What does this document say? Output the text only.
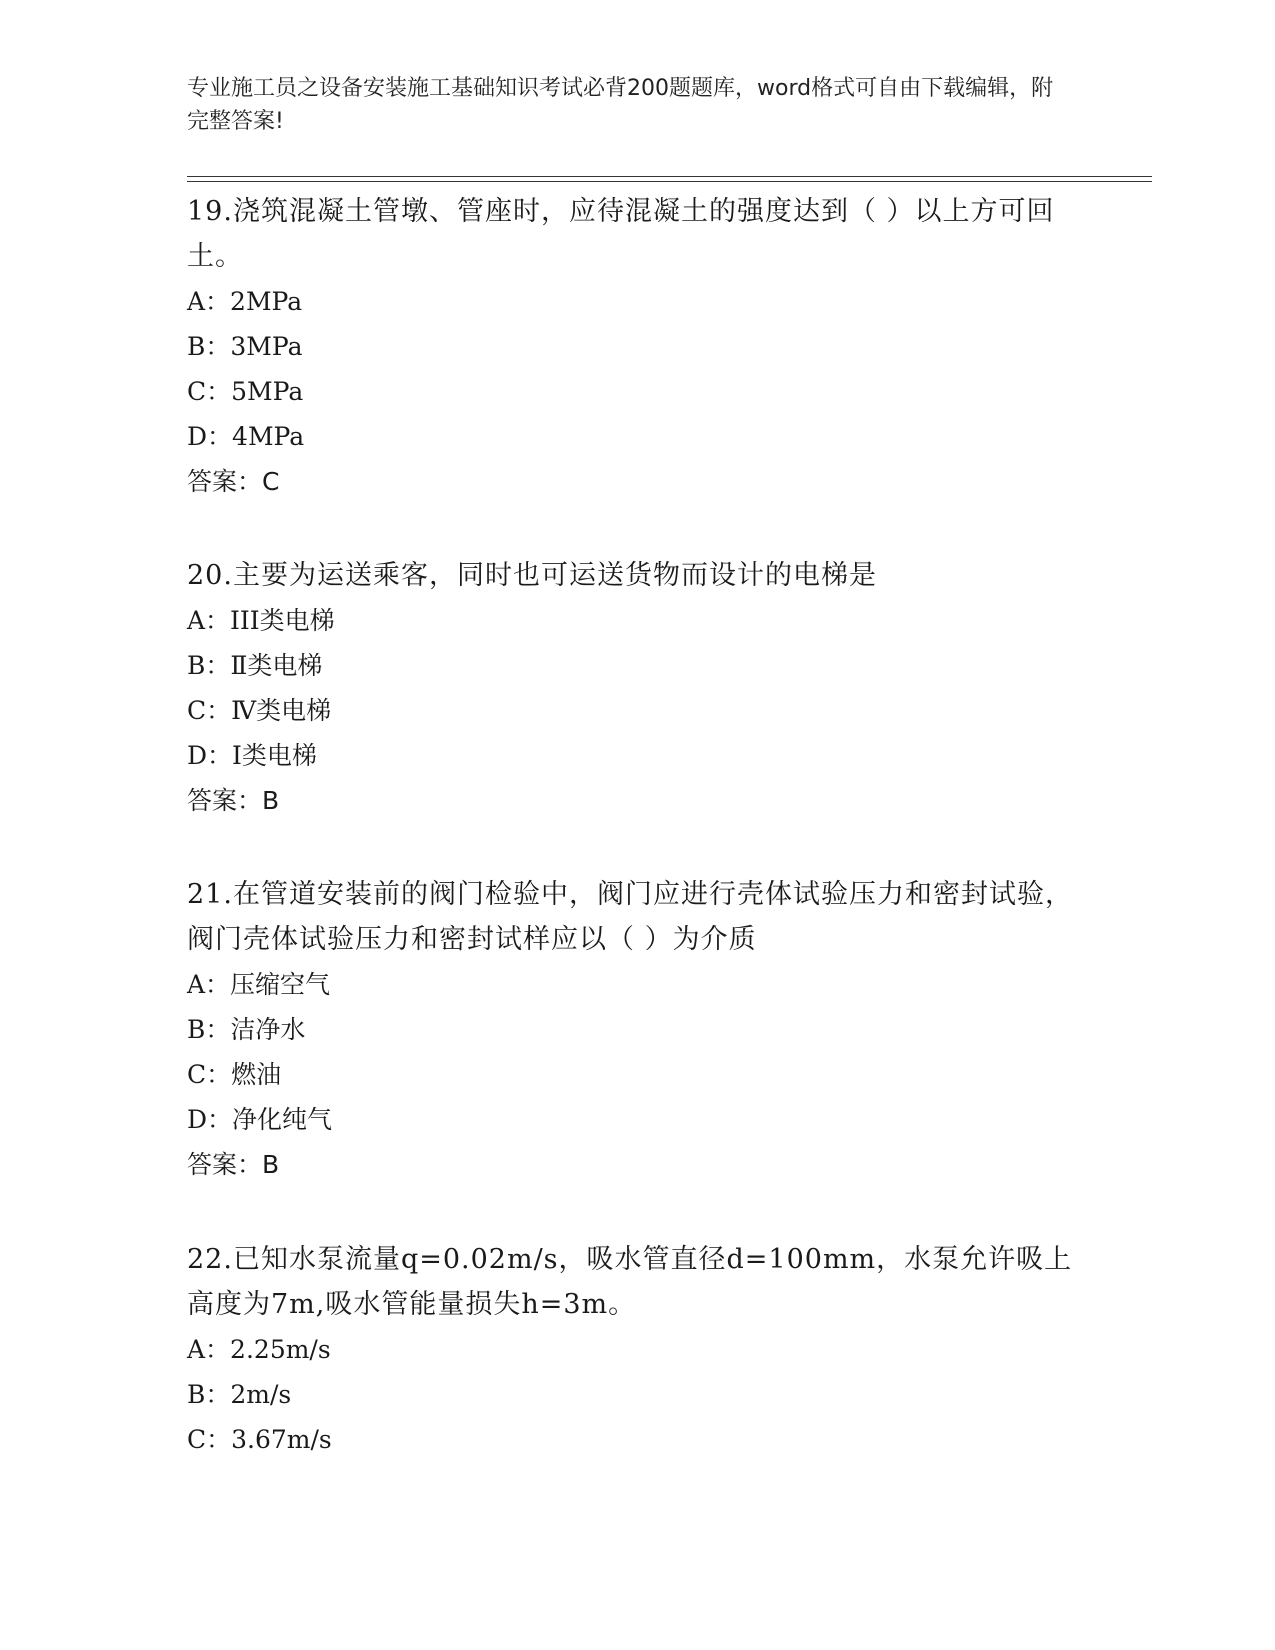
专业施工员之设备安装施工基础知识考试必背200题题库，word格式可自由下载编辑，附完整答案!

19.浇筑混凝土管墩、管座时，应待混凝土的强度达到（ ）以上方可回土。

A：2MPa

B：3MPa

C：5MPa

D：4MPa

答案：C

20.主要为运送乘客，同时也可运送货物而设计的电梯是

A：III类电梯

B：Ⅱ类电梯

C：Ⅳ类电梯

D：Ⅰ类电梯

答案：B

21.在管道安装前的阀门检验中，阀门应进行壳体试验压力和密封试验，阀门壳体试验压力和密封试样应以（ ）为介质

A：压缩空气

B：洁净水

C：燃油

D：净化纯气

答案：B

22.已知水泵流量q=0.02m/s，吸水管直径d=100mm，水泵允许吸上高度为7m,吸水管能量损失h=3m。

A：2.25m/s

B：2m/s

C：3.67m/s
